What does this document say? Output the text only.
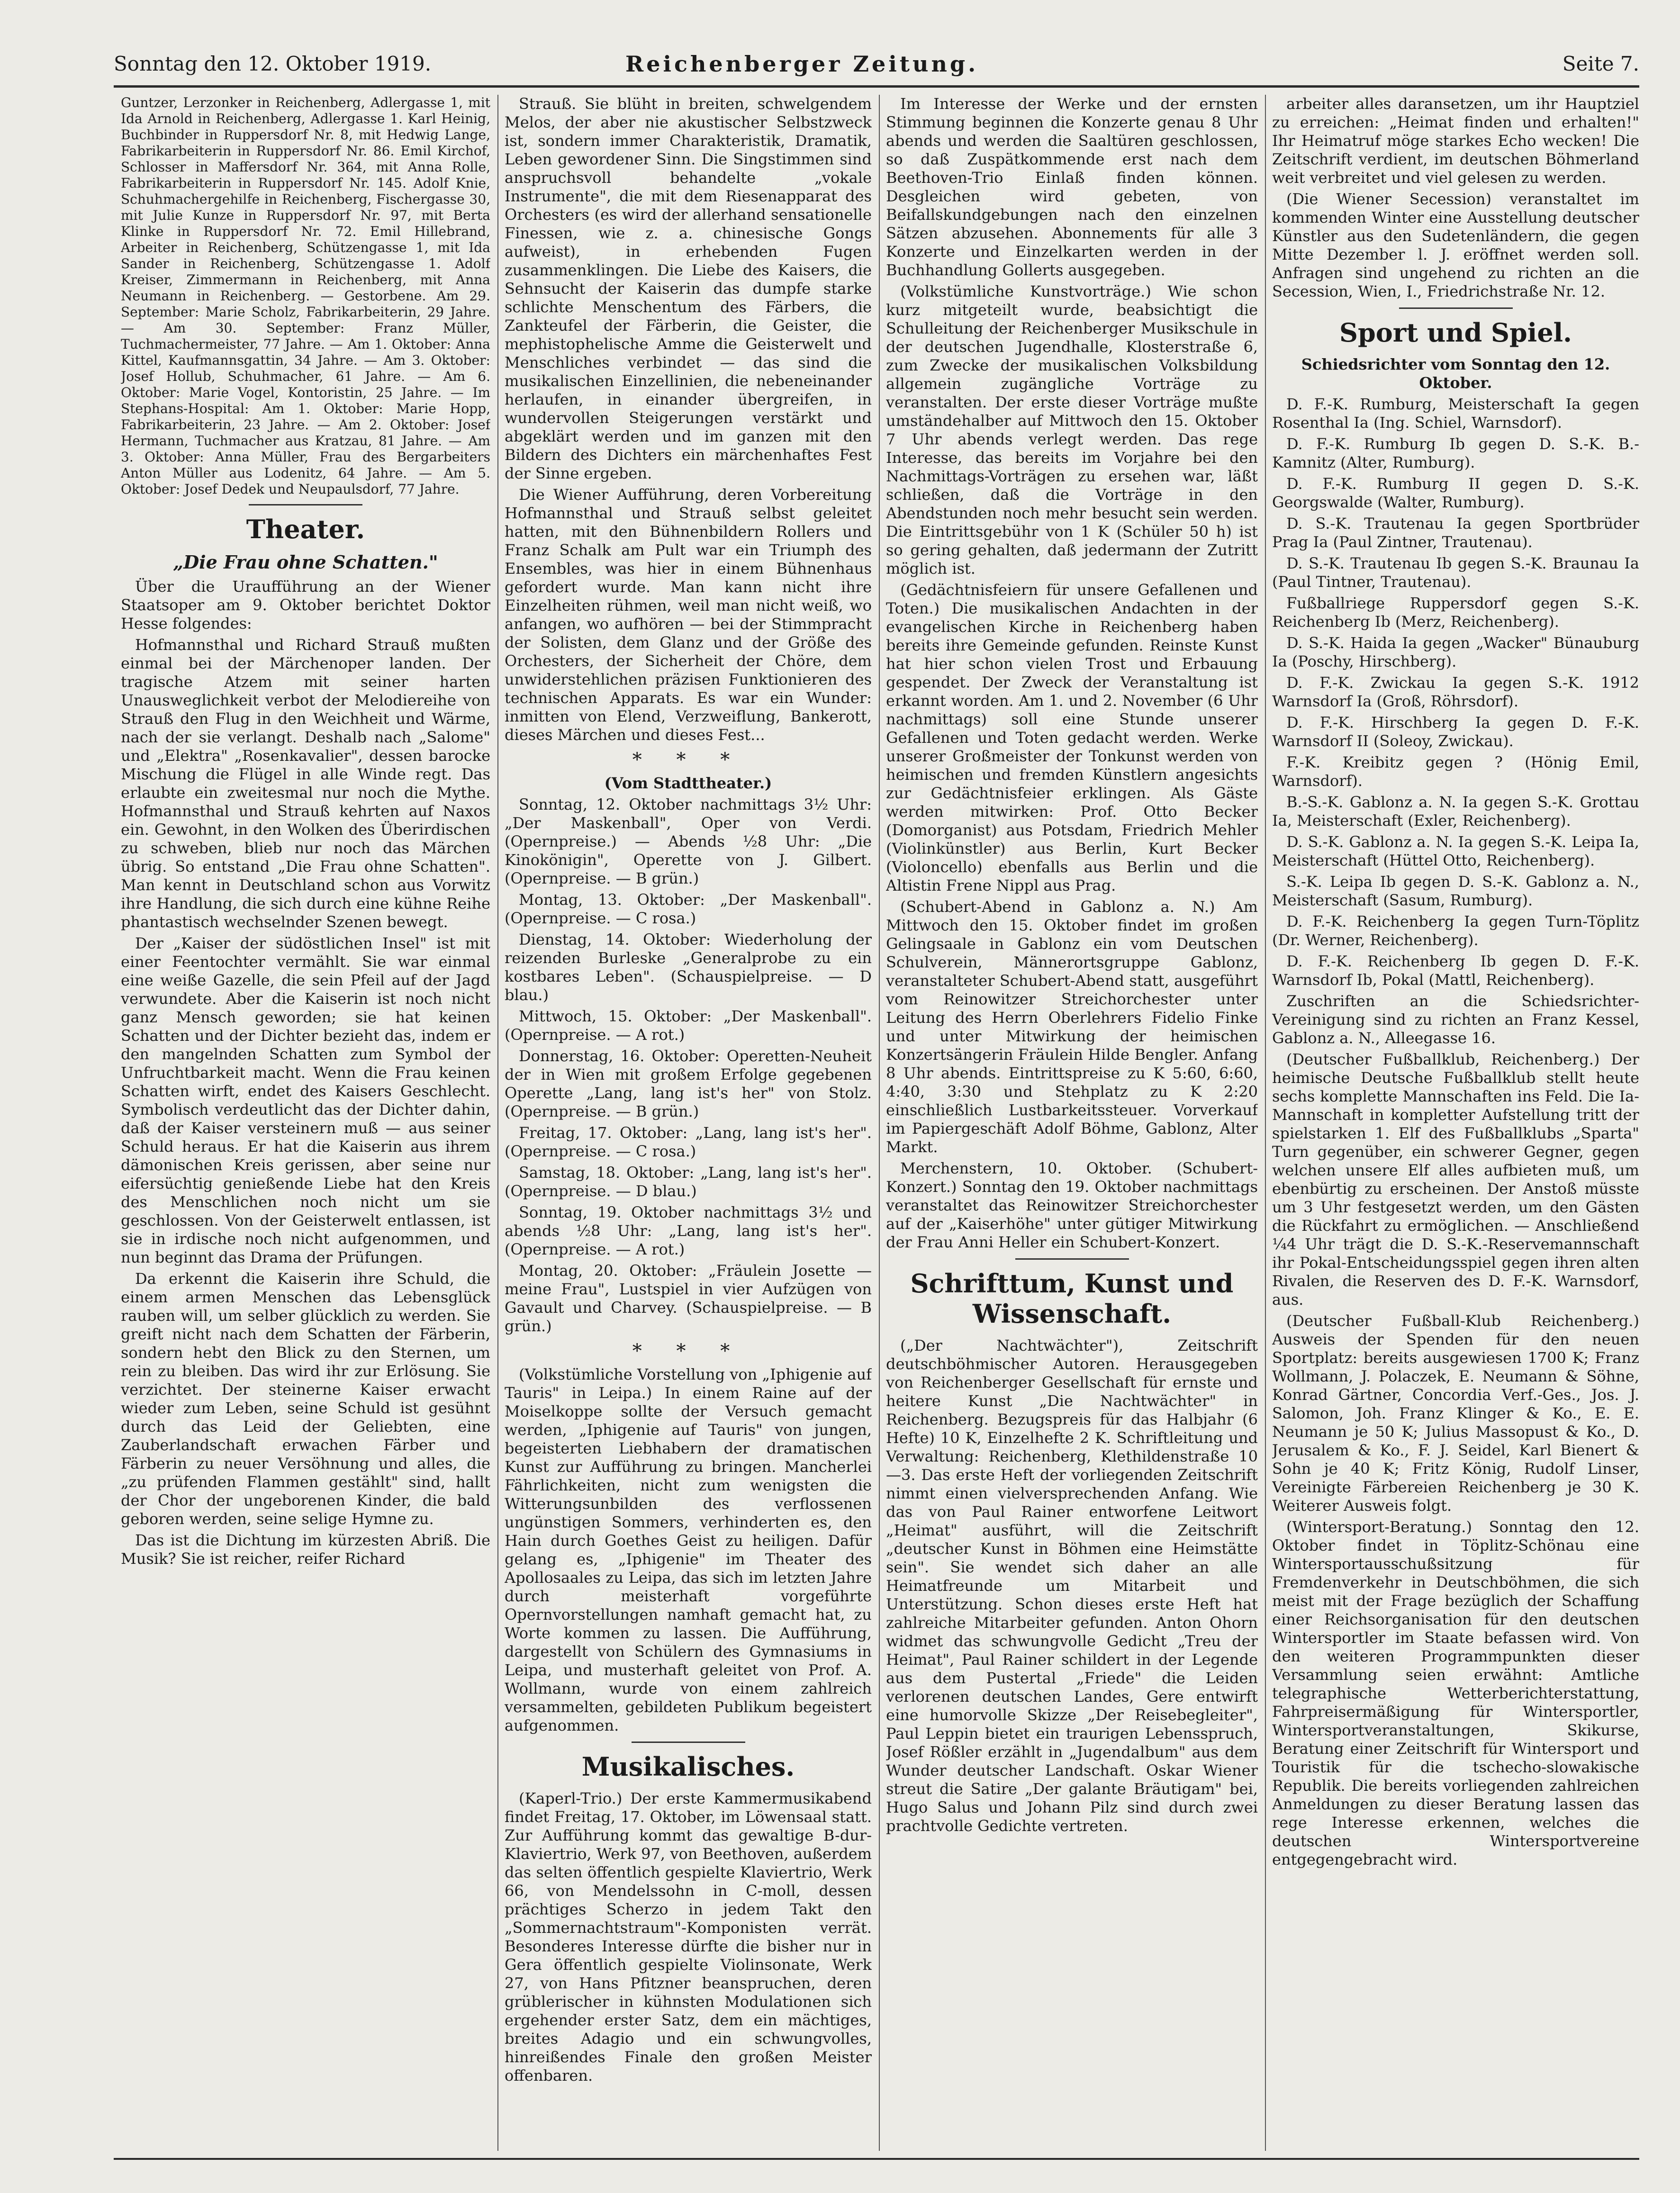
Sonntag den 12. Oktober 1919.	Reichenberger Zeitung.	Seite 7.

Guntzer, Lerzonker in Reichenberg, Adlergasse 1, mit Ida Arnold in Reichenberg, Adlergasse 1. Karl Heinig, Buchbinder in Ruppersdorf Nr. 8, mit Hedwig Lange, Fabrikarbeiterin in Ruppersdorf Nr. 86. Emil Kirchof, Schlosser in Maffersdorf Nr. 364, mit Anna Rolle, Fabrikarbeiterin in Ruppersdorf Nr. 145. Adolf Knie, Schuhmachergehilfe in Reichenberg, Fischergasse 30, mit Julie Kunze in Ruppersdorf Nr. 97, mit Berta Klinke in Ruppersdorf Nr. 72. Emil Hillebrand, Arbeiter in Reichenberg, Schützengasse 1, mit Ida Sander in Reichenberg, Schützengasse 1. Adolf Kreiser, Zimmermann in Reichenberg, mit Anna Neumann in Reichenberg. — Gestorbene. Am 29. September: Marie Scholz, Fabrikarbeiterin, 29 Jahre. — Am 30. September: Franz Müller, Tuchmachermeister, 77 Jahre. — Am 1. Oktober: Anna Kittel, Kaufmannsgattin, 34 Jahre. — Am 3. Oktober: Josef Hollub, Schuhmacher, 61 Jahre. — Am 6. Oktober: Marie Vogel, Kontoristin, 25 Jahre. — Im Stephans-Hospital: Am 1. Oktober: Marie Hopp, Fabrikarbeiterin, 23 Jahre. — Am 2. Oktober: Josef Hermann, Tuchmacher aus Kratzau, 81 Jahre. — Am 3. Oktober: Anna Müller, Frau des Bergarbeiters Anton Müller aus Lodenitz, 64 Jahre. — Am 5. Oktober: Josef Dedek und Neupaulsdorf, 77 Jahre.

Theater.
„Die Frau ohne Schatten."

Über die Uraufführung an der Wiener Staatsoper am 9. Oktober berichtet Doktor Hesse folgendes:

Hofmannsthal und Richard Strauß mußten einmal bei der Märchenoper landen. Der tragische Atzem mit seiner harten Unausweglichkeit verbot der Melodiereihe von Strauß den Flug in den Weichheit und Wärme, nach der sie verlangt. Deshalb nach „Salome" und „Elektra" „Rosenkavalier", dessen barocke Mischung die Flügel in alle Winde regt. Das erlaubte ein zweitesmal nur noch die Mythe. Hofmannsthal und Strauß kehrten auf Naxos ein. Gewohnt, in den Wolken des Überirdischen zu schweben, blieb nur noch das Märchen übrig. So entstand „Die Frau ohne Schatten". Man kennt in Deutschland schon aus Vorwitz ihre Handlung, die sich durch eine kühne Reihe phantastisch wechselnder Szenen bewegt.

Der „Kaiser der südöstlichen Insel" ist mit einer Feentochter vermählt. Sie war einmal eine weiße Gazelle, die sein Pfeil auf der Jagd verwundete. Aber die Kaiserin ist noch nicht ganz Mensch geworden; sie hat keinen Schatten und der Dichter bezieht das, indem er den mangelnden Schatten zum Symbol der Unfruchtbarkeit macht. Wenn die Frau keinen Schatten wirft, endet des Kaisers Geschlecht. Symbolisch verdeutlicht das der Dichter dahin, daß der Kaiser versteinern muß — aus seiner Schuld heraus. Er hat die Kaiserin aus ihrem dämonischen Kreis gerissen, aber seine nur eifersüchtig genießende Liebe hat den Kreis des Menschlichen noch nicht um sie geschlossen. Von der Geisterwelt entlassen, ist sie in irdische noch nicht aufgenommen, und nun beginnt das Drama der Prüfungen.

Da erkennt die Kaiserin ihre Schuld, die einem armen Menschen das Lebensglück rauben will, um selber glücklich zu werden. Sie greift nicht nach dem Schatten der Färberin, sondern hebt den Blick zu den Sternen, um rein zu bleiben. Das wird ihr zur Erlösung. Sie verzichtet. Der steinerne Kaiser erwacht wieder zum Leben, seine Schuld ist gesühnt durch das Leid der Geliebten, eine Zauberlandschaft erwachen Färber und Färberin zu neuer Versöhnung und alles, die „zu prüfenden Flammen gestählt" sind, hallt der Chor der ungeborenen Kinder, die bald geboren werden, seine selige Hymne zu.

Das ist die Dichtung im kürzesten Abriß. Die Musik? Sie ist reicher, reifer Richard

Strauß. Sie blüht in breiten, schwelgendem Melos, der aber nie akustischer Selbstzweck ist, sondern immer Charakteristik, Dramatik, Leben gewordener Sinn. Die Singstimmen sind anspruchsvoll behandelte „vokale Instrumente", die mit dem Riesenapparat des Orchesters (es wird der allerhand sensationelle Finessen, wie z. a. chinesische Gongs aufweist), in erhebenden Fugen zusammenklingen. Die Liebe des Kaisers, die Sehnsucht der Kaiserin das dumpfe starke schlichte Menschentum des Färbers, die Zankteufel der Färberin, die Geister, die mephistophelische Amme die Geisterwelt und Menschliches verbindet — das sind die musikalischen Einzellinien, die nebeneinander herlaufen, in einander übergreifen, in wundervollen Steigerungen verstärkt und abgeklärt werden und im ganzen mit den Bildern des Dichters ein märchenhaftes Fest der Sinne ergeben.

Die Wiener Aufführung, deren Vorbereitung Hofmannsthal und Strauß selbst geleitet hatten, mit den Bühnenbildern Rollers und Franz Schalk am Pult war ein Triumph des Ensembles, was hier in einem Bühnenhaus gefordert wurde. Man kann nicht ihre Einzelheiten rühmen, weil man nicht weiß, wo anfangen, wo aufhören — bei der Stimmpracht der Solisten, dem Glanz und der Größe des Orchesters, der Sicherheit der Chöre, dem unwiderstehlichen präzisen Funktionieren des technischen Apparats. Es war ein Wunder: inmitten von Elend, Verzweiflung, Bankerott, dieses Märchen und dieses Fest...

* * *

(Vom Stadttheater.)

Sonntag, 12. Oktober nachmittags 3½ Uhr: „Der Maskenball", Oper von Verdi. (Opernpreise.) — Abends ½8 Uhr: „Die Kinokönigin", Operette von J. Gilbert. (Opernpreise. — B grün.)

Montag, 13. Oktober: „Der Maskenball". (Opernpreise. — C rosa.)

Dienstag, 14. Oktober: Wiederholung der reizenden Burleske „Generalprobe zu ein kostbares Leben". (Schauspielpreise. — D blau.)

Mittwoch, 15. Oktober: „Der Maskenball". (Opernpreise. — A rot.)

Donnerstag, 16. Oktober: Operetten-Neuheit der in Wien mit großem Erfolge gegebenen Operette „Lang, lang ist's her" von Stolz. (Opernpreise. — B grün.)

Freitag, 17. Oktober: „Lang, lang ist's her". (Opernpreise. — C rosa.)

Samstag, 18. Oktober: „Lang, lang ist's her". (Opernpreise. — D blau.)

Sonntag, 19. Oktober nachmittags 3½ und abends ½8 Uhr: „Lang, lang ist's her". (Opernpreise. — A rot.)

Montag, 20. Oktober: „Fräulein Josette — meine Frau", Lustspiel in vier Aufzügen von Gavault und Charvey. (Schauspielpreise. — B grün.)

* * *

(Volkstümliche Vorstellung von „Iphigenie auf Tauris" in Leipa.) In einem Raine auf der Moiselkoppe sollte der Versuch gemacht werden, „Iphigenie auf Tauris" von jungen, begeisterten Liebhabern der dramatischen Kunst zur Aufführung zu bringen. Mancherlei Fährlichkeiten, nicht zum wenigsten die Witterungsunbilden des verflossenen ungünstigen Sommers, verhinderten es, den Hain durch Goethes Geist zu heiligen. Dafür gelang es, „Iphigenie" im Theater des Apollosaales zu Leipa, das sich im letzten Jahre durch meisterhaft vorgeführte Opernvorstellungen namhaft gemacht hat, zu Worte kommen zu lassen. Die Aufführung, dargestellt von Schülern des Gymnasiums in Leipa, und musterhaft geleitet von Prof. A. Wollmann, wurde von einem zahlreich versammelten, gebildeten Publikum begeistert aufgenommen.

Musikalisches.

(Kaperl-Trio.) Der erste Kammermusikabend findet Freitag, 17. Oktober, im Löwensaal statt. Zur Aufführung kommt das gewaltige B-dur-Klaviertrio, Werk 97, von Beethoven, außerdem das selten öffentlich gespielte Klaviertrio, Werk 66, von Mendelssohn in C-moll, dessen prächtiges Scherzo in jedem Takt den „Sommernachtstraum"-Komponisten verrät. Besonderes Interesse dürfte die bisher nur in Gera öffentlich gespielte Violinsonate, Werk 27, von Hans Pfitzner beanspruchen, deren grüblerischer in kühnsten Modulationen sich ergehender erster Satz, dem ein mächtiges, breites Adagio und ein schwungvolles, hinreißendes Finale den großen Meister offenbaren.

Im Interesse der Werke und der ernsten Stimmung beginnen die Konzerte genau 8 Uhr abends und werden die Saaltüren geschlossen, so daß Zuspätkommende erst nach dem Beethoven-Trio Einlaß finden können. Desgleichen wird gebeten, von Beifallskundgebungen nach den einzelnen Sätzen abzusehen. Abonnements für alle 3 Konzerte und Einzelkarten werden in der Buchhandlung Gollerts ausgegeben.

(Volkstümliche Kunstvorträge.) Wie schon kurz mitgeteilt wurde, beabsichtigt die Schulleitung der Reichenberger Musikschule in der deutschen Jugendhalle, Klosterstraße 6, zum Zwecke der musikalischen Volksbildung allgemein zugängliche Vorträge zu veranstalten. Der erste dieser Vorträge mußte umständehalber auf Mittwoch den 15. Oktober 7 Uhr abends verlegt werden. Das rege Interesse, das bereits im Vorjahre bei den Nachmittags-Vorträgen zu ersehen war, läßt schließen, daß die Vorträge in den Abendstunden noch mehr besucht sein werden. Die Eintrittsgebühr von 1 K (Schüler 50 h) ist so gering gehalten, daß jedermann der Zutritt möglich ist.

(Gedächtnisfeiern für unsere Gefallenen und Toten.) Die musikalischen Andachten in der evangelischen Kirche in Reichenberg haben bereits ihre Gemeinde gefunden. Reinste Kunst hat hier schon vielen Trost und Erbauung gespendet. Der Zweck der Veranstaltung ist erkannt worden. Am 1. und 2. November (6 Uhr nachmittags) soll eine Stunde unserer Gefallenen und Toten gedacht werden. Werke unserer Großmeister der Tonkunst werden von heimischen und fremden Künstlern angesichts zur Gedächtnisfeier erklingen. Als Gäste werden mitwirken: Prof. Otto Becker (Domorganist) aus Potsdam, Friedrich Mehler (Violinkünstler) aus Berlin, Kurt Becker (Violoncello) ebenfalls aus Berlin und die Altistin Frene Nippl aus Prag.

(Schubert-Abend in Gablonz a. N.) Am Mittwoch den 15. Oktober findet im großen Gelingsaale in Gablonz ein vom Deutschen Schulverein, Männerortsgruppe Gablonz, veranstalteter Schubert-Abend statt, ausgeführt vom Reinowitzer Streichorchester unter Leitung des Herrn Oberlehrers Fidelio Finke und unter Mitwirkung der heimischen Konzertsängerin Fräulein Hilde Bengler. Anfang 8 Uhr abends. Eintrittspreise zu K 5:60, 6:60, 4:40, 3:30 und Stehplatz zu K 2:20 einschließlich Lustbarkeitssteuer. Vorverkauf im Papiergeschäft Adolf Böhme, Gablonz, Alter Markt.

Merchenstern, 10. Oktober. (Schubert-Konzert.) Sonntag den 19. Oktober nachmittags veranstaltet das Reinowitzer Streichorchester auf der „Kaiserhöhe" unter gütiger Mitwirkung der Frau Anni Heller ein Schubert-Konzert.

Schrifttum, Kunst und Wissenschaft.

(„Der Nachtwächter"), Zeitschrift deutschböhmischer Autoren. Herausgegeben von Reichenberger Gesellschaft für ernste und heitere Kunst „Die Nachtwächter" in Reichenberg. Bezugspreis für das Halbjahr (6 Hefte) 10 K, Einzelhefte 2 K. Schriftleitung und Verwaltung: Reichenberg, Klethildenstraße 10—3. Das erste Heft der vorliegenden Zeitschrift nimmt einen vielversprechenden Anfang. Wie das von Paul Rainer entworfene Leitwort „Heimat" ausführt, will die Zeitschrift „deutscher Kunst in Böhmen eine Heimstätte sein". Sie wendet sich daher an alle Heimatfreunde um Mitarbeit und Unterstützung. Schon dieses erste Heft hat zahlreiche Mitarbeiter gefunden. Anton Ohorn widmet das schwungvolle Gedicht „Treu der Heimat", Paul Rainer schildert in der Legende aus dem Pustertal „Friede" die Leiden verlorenen deutschen Landes, Gere entwirft eine humorvolle Skizze „Der Reisebegleiter", Paul Leppin bietet ein traurigen Lebensspruch, Josef Rößler erzählt in „Jugendalbum" aus dem Wunder deutscher Landschaft. Oskar Wiener streut die Satire „Der galante Bräutigam" bei, Hugo Salus und Johann Pilz sind durch zwei prachtvolle Gedichte vertreten.

arbeiter alles daransetzen, um ihr Hauptziel zu erreichen: „Heimat finden und erhalten!" Ihr Heimatruf möge starkes Echo wecken! Die Zeitschrift verdient, im deutschen Böhmerland weit verbreitet und viel gelesen zu werden.

(Die Wiener Secession) veranstaltet im kommenden Winter eine Ausstellung deutscher Künstler aus den Sudetenländern, die gegen Mitte Dezember l. J. eröffnet werden soll. Anfragen sind ungehend zu richten an die Secession, Wien, I., Friedrichstraße Nr. 12.

Sport und Spiel.

Schiedsrichter vom Sonntag den 12. Oktober.

D. F.-K. Rumburg, Meisterschaft Ia gegen Rosenthal Ia (Ing. Schiel, Warnsdorf).

D. F.-K. Rumburg Ib gegen D. S.-K. B.-Kamnitz (Alter, Rumburg).

D. F.-K. Rumburg II gegen D. S.-K. Georgswalde (Walter, Rumburg).

D. S.-K. Trautenau Ia gegen Sportbrüder Prag Ia (Paul Zintner, Trautenau).

D. S.-K. Trautenau Ib gegen S.-K. Braunau Ia (Paul Tintner, Trautenau).

Fußballriege Ruppersdorf gegen S.-K. Reichenberg Ib (Merz, Reichenberg).

D. S.-K. Haida Ia gegen „Wacker" Bünauburg Ia (Poschy, Hirschberg).

D. F.-K. Zwickau Ia gegen S.-K. 1912 Warnsdorf Ia (Groß, Röhrsdorf).

D. F.-K. Hirschberg Ia gegen D. F.-K. Warnsdorf II (Soleoy, Zwickau).

F.-K. Kreibitz gegen ? (Hönig Emil, Warnsdorf).

B.-S.-K. Gablonz a. N. Ia gegen S.-K. Grottau Ia, Meisterschaft (Exler, Reichenberg).

D. S.-K. Gablonz a. N. Ia gegen S.-K. Leipa Ia, Meisterschaft (Hüttel Otto, Reichenberg).

S.-K. Leipa Ib gegen D. S.-K. Gablonz a. N., Meisterschaft (Sasum, Rumburg).

D. F.-K. Reichenberg Ia gegen Turn-Töplitz (Dr. Werner, Reichenberg).

D. F.-K. Reichenberg Ib gegen D. F.-K. Warnsdorf Ib, Pokal (Mattl, Reichenberg).

Zuschriften an die Schiedsrichter-Vereinigung sind zu richten an Franz Kessel, Gablonz a. N., Alleegasse 16.

(Deutscher Fußballklub, Reichenberg.) Der heimische Deutsche Fußballklub stellt heute sechs komplette Mannschaften ins Feld. Die Ia-Mannschaft in kompletter Aufstellung tritt der spielstarken 1. Elf des Fußballklubs „Sparta" Turn gegenüber, ein schwerer Gegner, gegen welchen unsere Elf alles aufbieten muß, um ebenbürtig zu erscheinen. Der Anstoß müsste um 3 Uhr festgesetzt werden, um den Gästen die Rückfahrt zu ermöglichen. — Anschließend ¼4 Uhr trägt die D. S.-K.-Reservemannschaft ihr Pokal-Entscheidungsspiel gegen ihren alten Rivalen, die Reserven des D. F.-K. Warnsdorf, aus.

(Deutscher Fußball-Klub Reichenberg.) Ausweis der Spenden für den neuen Sportplatz: bereits ausgewiesen 1700 K; Franz Wollmann, J. Polaczek, E. Neumann & Söhne, Konrad Gärtner, Concordia Verf.-Ges., Jos. J. Salomon, Joh. Franz Klinger & Ko., E. E. Neumann je 50 K; Julius Massopust & Ko., D. Jerusalem & Ko., F. J. Seidel, Karl Bienert & Sohn je 40 K; Fritz König, Rudolf Linser, Vereinigte Färbereien Reichenberg je 30 K. Weiterer Ausweis folgt.

(Wintersport-Beratung.) Sonntag den 12. Oktober findet in Töplitz-Schönau eine Wintersportausschußsitzung für Fremdenverkehr in Deutschböhmen, die sich meist mit der Frage bezüglich der Schaffung einer Reichsorganisation für den deutschen Wintersportler im Staate befassen wird. Von den weiteren Programmpunkten dieser Versammlung seien erwähnt: Amtliche telegraphische Wetterberichterstattung, Fahrpreisermäßigung für Wintersportler, Wintersportveranstaltungen, Skikurse, Beratung einer Zeitschrift für Wintersport und Touristik für die tschecho-slowakische Republik. Die bereits vorliegenden zahlreichen Anmeldungen zu dieser Beratung lassen das rege Interesse erkennen, welches die deutschen Wintersportvereine entgegengebracht wird.
